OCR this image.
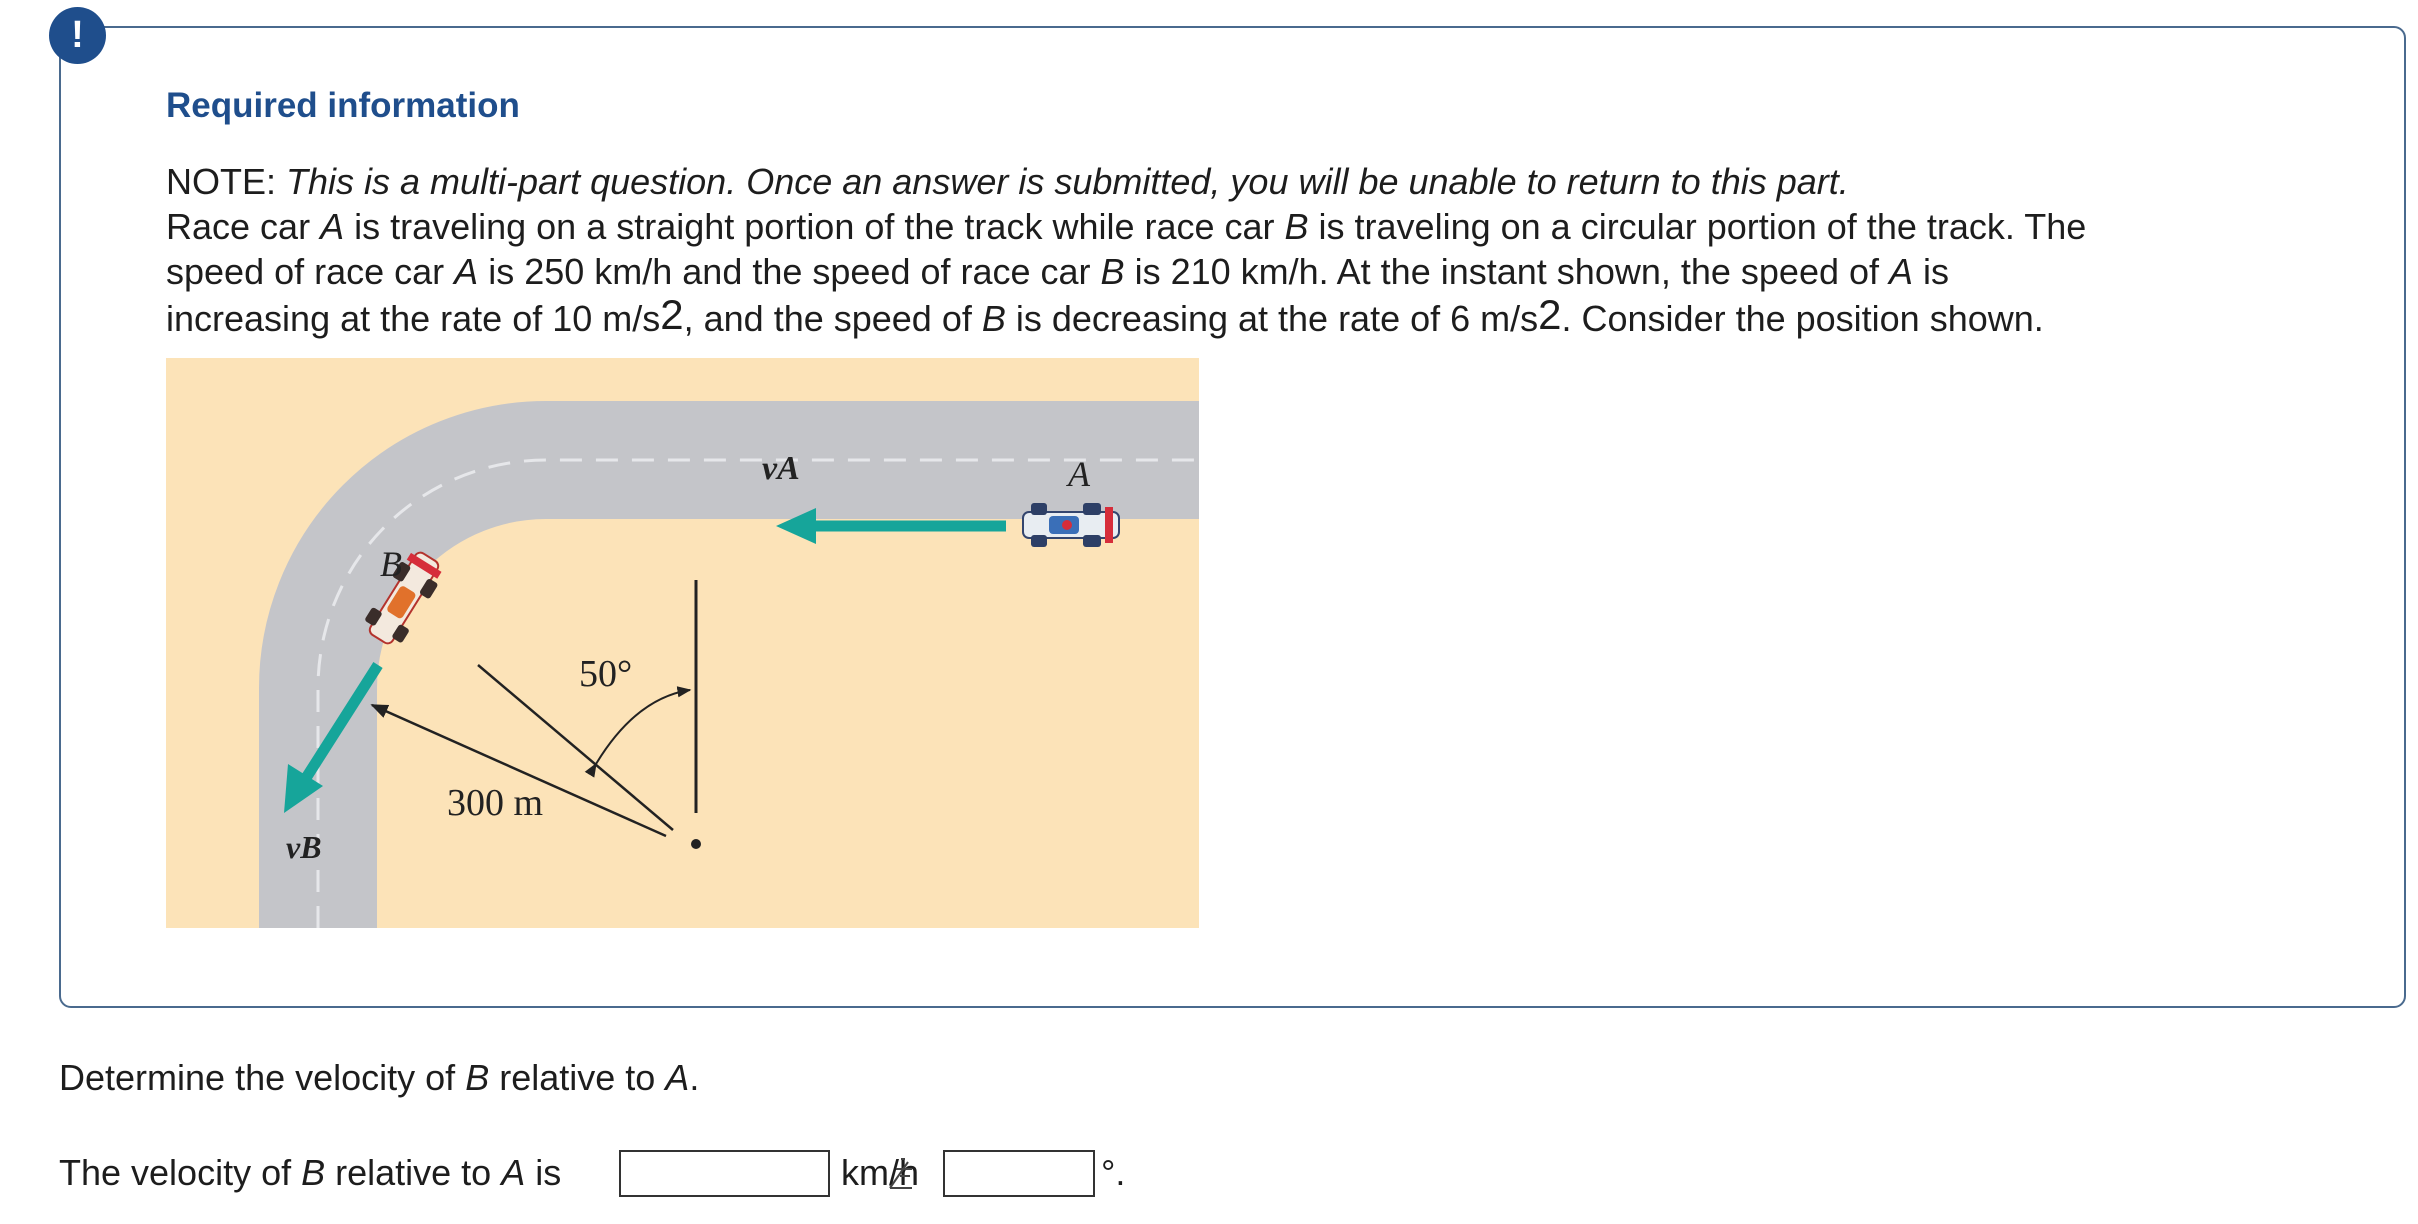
!
Required information

NOTE: This is a multi-part question. Once an answer is submitted, you will be unable to return to this part.

Race car A is traveling on a straight portion of the track while race car B is traveling on a circular portion of the track. The

speed of race car A is 250 km/h and the speed of race car B is 210 km/h. At the instant shown, the speed of A is

increasing at the rate of 10 $m/s^2$, and the speed of B is decreasing at the rate of 6 $m/s^2$. Consider the position shown.

vA	A
B
vB
50°
300 m
Determine the velocity of B relative to A.
The velocity of B relative to A is	km/h	°.
